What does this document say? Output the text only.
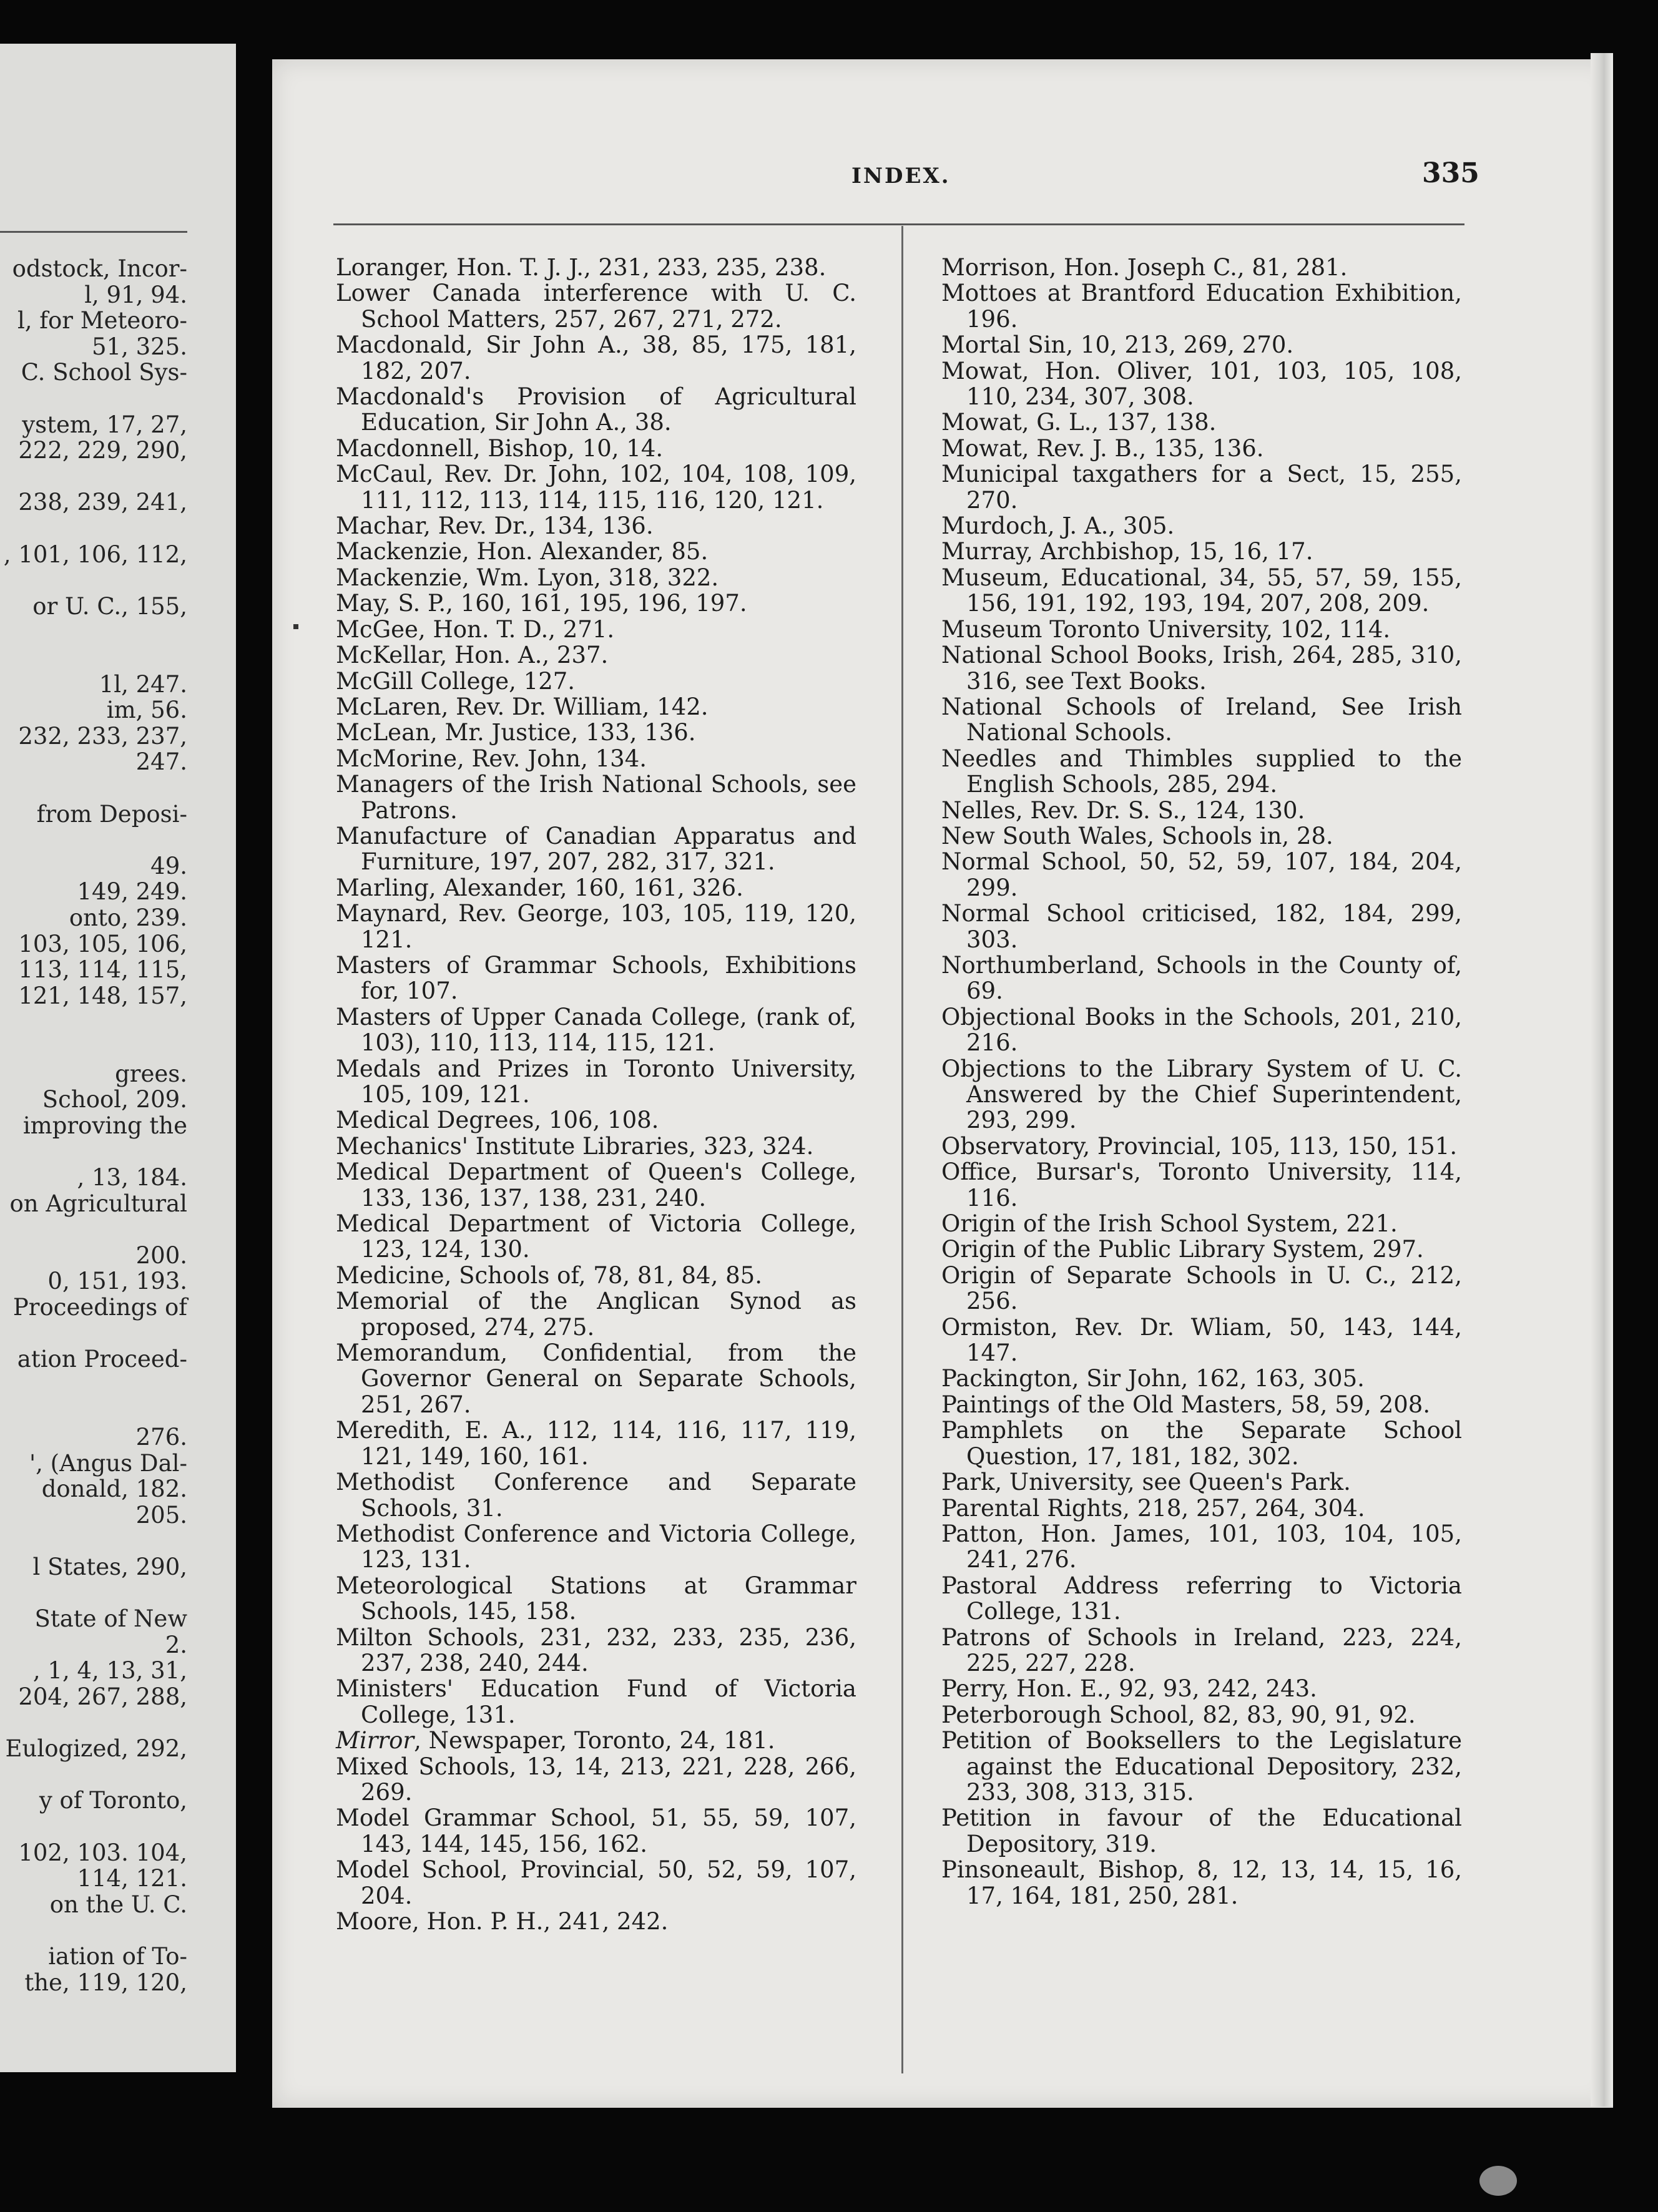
odstock, Incor-
l, 91, 94.
l, for Meteoro-
51, 325.
C. School Sys-
ystem, 17, 27,
222, 229, 290,
238, 239, 241,
, 101, 106, 112,
or U. C., 155,
1l, 247.
im, 56.
232, 233, 237,
247.
from Deposi-
49.
149, 249.
onto, 239.
103, 105, 106,
113, 114, 115,
121, 148, 157,
grees.
School, 209.
improving the
, 13, 184.
on Agricultural
200.
0, 151, 193.
Proceedings of
ation Proceed-
276.
', (Angus Dal-
donald, 182.
205.
l States, 290,
State of New
2.
, 1, 4, 13, 31,
204, 267, 288,
Eulogized, 292,
y of Toronto,
102, 103. 104,
114, 121.
on the U. C.
iation of To-
the, 119, 120,
INDEX.	335
Loranger, Hon. T. J. J., 231, 233, 235, 238.
Lower Canada interference with U. C. School Matters, 257, 267, 271, 272.
Macdonald, Sir John A., 38, 85, 175, 181, 182, 207.
Macdonald's Provision of Agricultural Education, Sir John A., 38.
Macdonnell, Bishop, 10, 14.
McCaul, Rev. Dr. John, 102, 104, 108, 109, 111, 112, 113, 114, 115, 116, 120, 121.
Machar, Rev. Dr., 134, 136.
Mackenzie, Hon. Alexander, 85.
Mackenzie, Wm. Lyon, 318, 322.
May, S. P., 160, 161, 195, 196, 197.
McGee, Hon. T. D., 271.
McKellar, Hon. A., 237.
McGill College, 127.
McLaren, Rev. Dr. William, 142.
McLean, Mr. Justice, 133, 136.
McMorine, Rev. John, 134.
Managers of the Irish National Schools, see Patrons.
Manufacture of Canadian Apparatus and Furniture, 197, 207, 282, 317, 321.
Marling, Alexander, 160, 161, 326.
Maynard, Rev. George, 103, 105, 119, 120, 121.
Masters of Grammar Schools, Exhibitions for, 107.
Masters of Upper Canada College, (rank of, 103), 110, 113, 114, 115, 121.
Medals and Prizes in Toronto University, 105, 109, 121.
Medical Degrees, 106, 108.
Mechanics' Institute Libraries, 323, 324.
Medical Department of Queen's College, 133, 136, 137, 138, 231, 240.
Medical Department of Victoria College, 123, 124, 130.
Medicine, Schools of, 78, 81, 84, 85.
Memorial of the Anglican Synod as proposed, 274, 275.
Memorandum, Confidential, from the Governor General on Separate Schools, 251, 267.
Meredith, E. A., 112, 114, 116, 117, 119, 121, 149, 160, 161.
Methodist Conference and Separate Schools, 31.
Methodist Conference and Victoria College, 123, 131.
Meteorological Stations at Grammar Schools, 145, 158.
Milton Schools, 231, 232, 233, 235, 236, 237, 238, 240, 244.
Ministers' Education Fund of Victoria College, 131.
Mirror, Newspaper, Toronto, 24, 181.
Mixed Schools, 13, 14, 213, 221, 228, 266, 269.
Model Grammar School, 51, 55, 59, 107, 143, 144, 145, 156, 162.
Model School, Provincial, 50, 52, 59, 107, 204.
Moore, Hon. P. H., 241, 242.
Morrison, Hon. Joseph C., 81, 281.
Mottoes at Brantford Education Exhibition, 196.
Mortal Sin, 10, 213, 269, 270.
Mowat, Hon. Oliver, 101, 103, 105, 108, 110, 234, 307, 308.
Mowat, G. L., 137, 138.
Mowat, Rev. J. B., 135, 136.
Municipal taxgathers for a Sect, 15, 255, 270.
Murdoch, J. A., 305.
Murray, Archbishop, 15, 16, 17.
Museum, Educational, 34, 55, 57, 59, 155, 156, 191, 192, 193, 194, 207, 208, 209.
Museum Toronto University, 102, 114.
National School Books, Irish, 264, 285, 310, 316, see Text Books.
National Schools of Ireland, See Irish National Schools.
Needles and Thimbles supplied to the English Schools, 285, 294.
Nelles, Rev. Dr. S. S., 124, 130.
New South Wales, Schools in, 28.
Normal School, 50, 52, 59, 107, 184, 204, 299.
Normal School criticised, 182, 184, 299, 303.
Northumberland, Schools in the County of, 69.
Objectional Books in the Schools, 201, 210, 216.
Objections to the Library System of U. C. Answered by the Chief Superintendent, 293, 299.
Observatory, Provincial, 105, 113, 150, 151.
Office, Bursar's, Toronto University, 114, 116.
Origin of the Irish School System, 221.
Origin of the Public Library System, 297.
Origin of Separate Schools in U. C., 212, 256.
Ormiston, Rev. Dr. Wliam, 50, 143, 144, 147.
Packington, Sir John, 162, 163, 305.
Paintings of the Old Masters, 58, 59, 208.
Pamphlets on the Separate School Question, 17, 181, 182, 302.
Park, University, see Queen's Park.
Parental Rights, 218, 257, 264, 304.
Patton, Hon. James, 101, 103, 104, 105, 241, 276.
Pastoral Address referring to Victoria College, 131.
Patrons of Schools in Ireland, 223, 224, 225, 227, 228.
Perry, Hon. E., 92, 93, 242, 243.
Peterborough School, 82, 83, 90, 91, 92.
Petition of Booksellers to the Legislature against the Educational Depository, 232, 233, 308, 313, 315.
Petition in favour of the Educational Depository, 319.
Pinsoneault, Bishop, 8, 12, 13, 14, 15, 16, 17, 164, 181, 250, 281.
